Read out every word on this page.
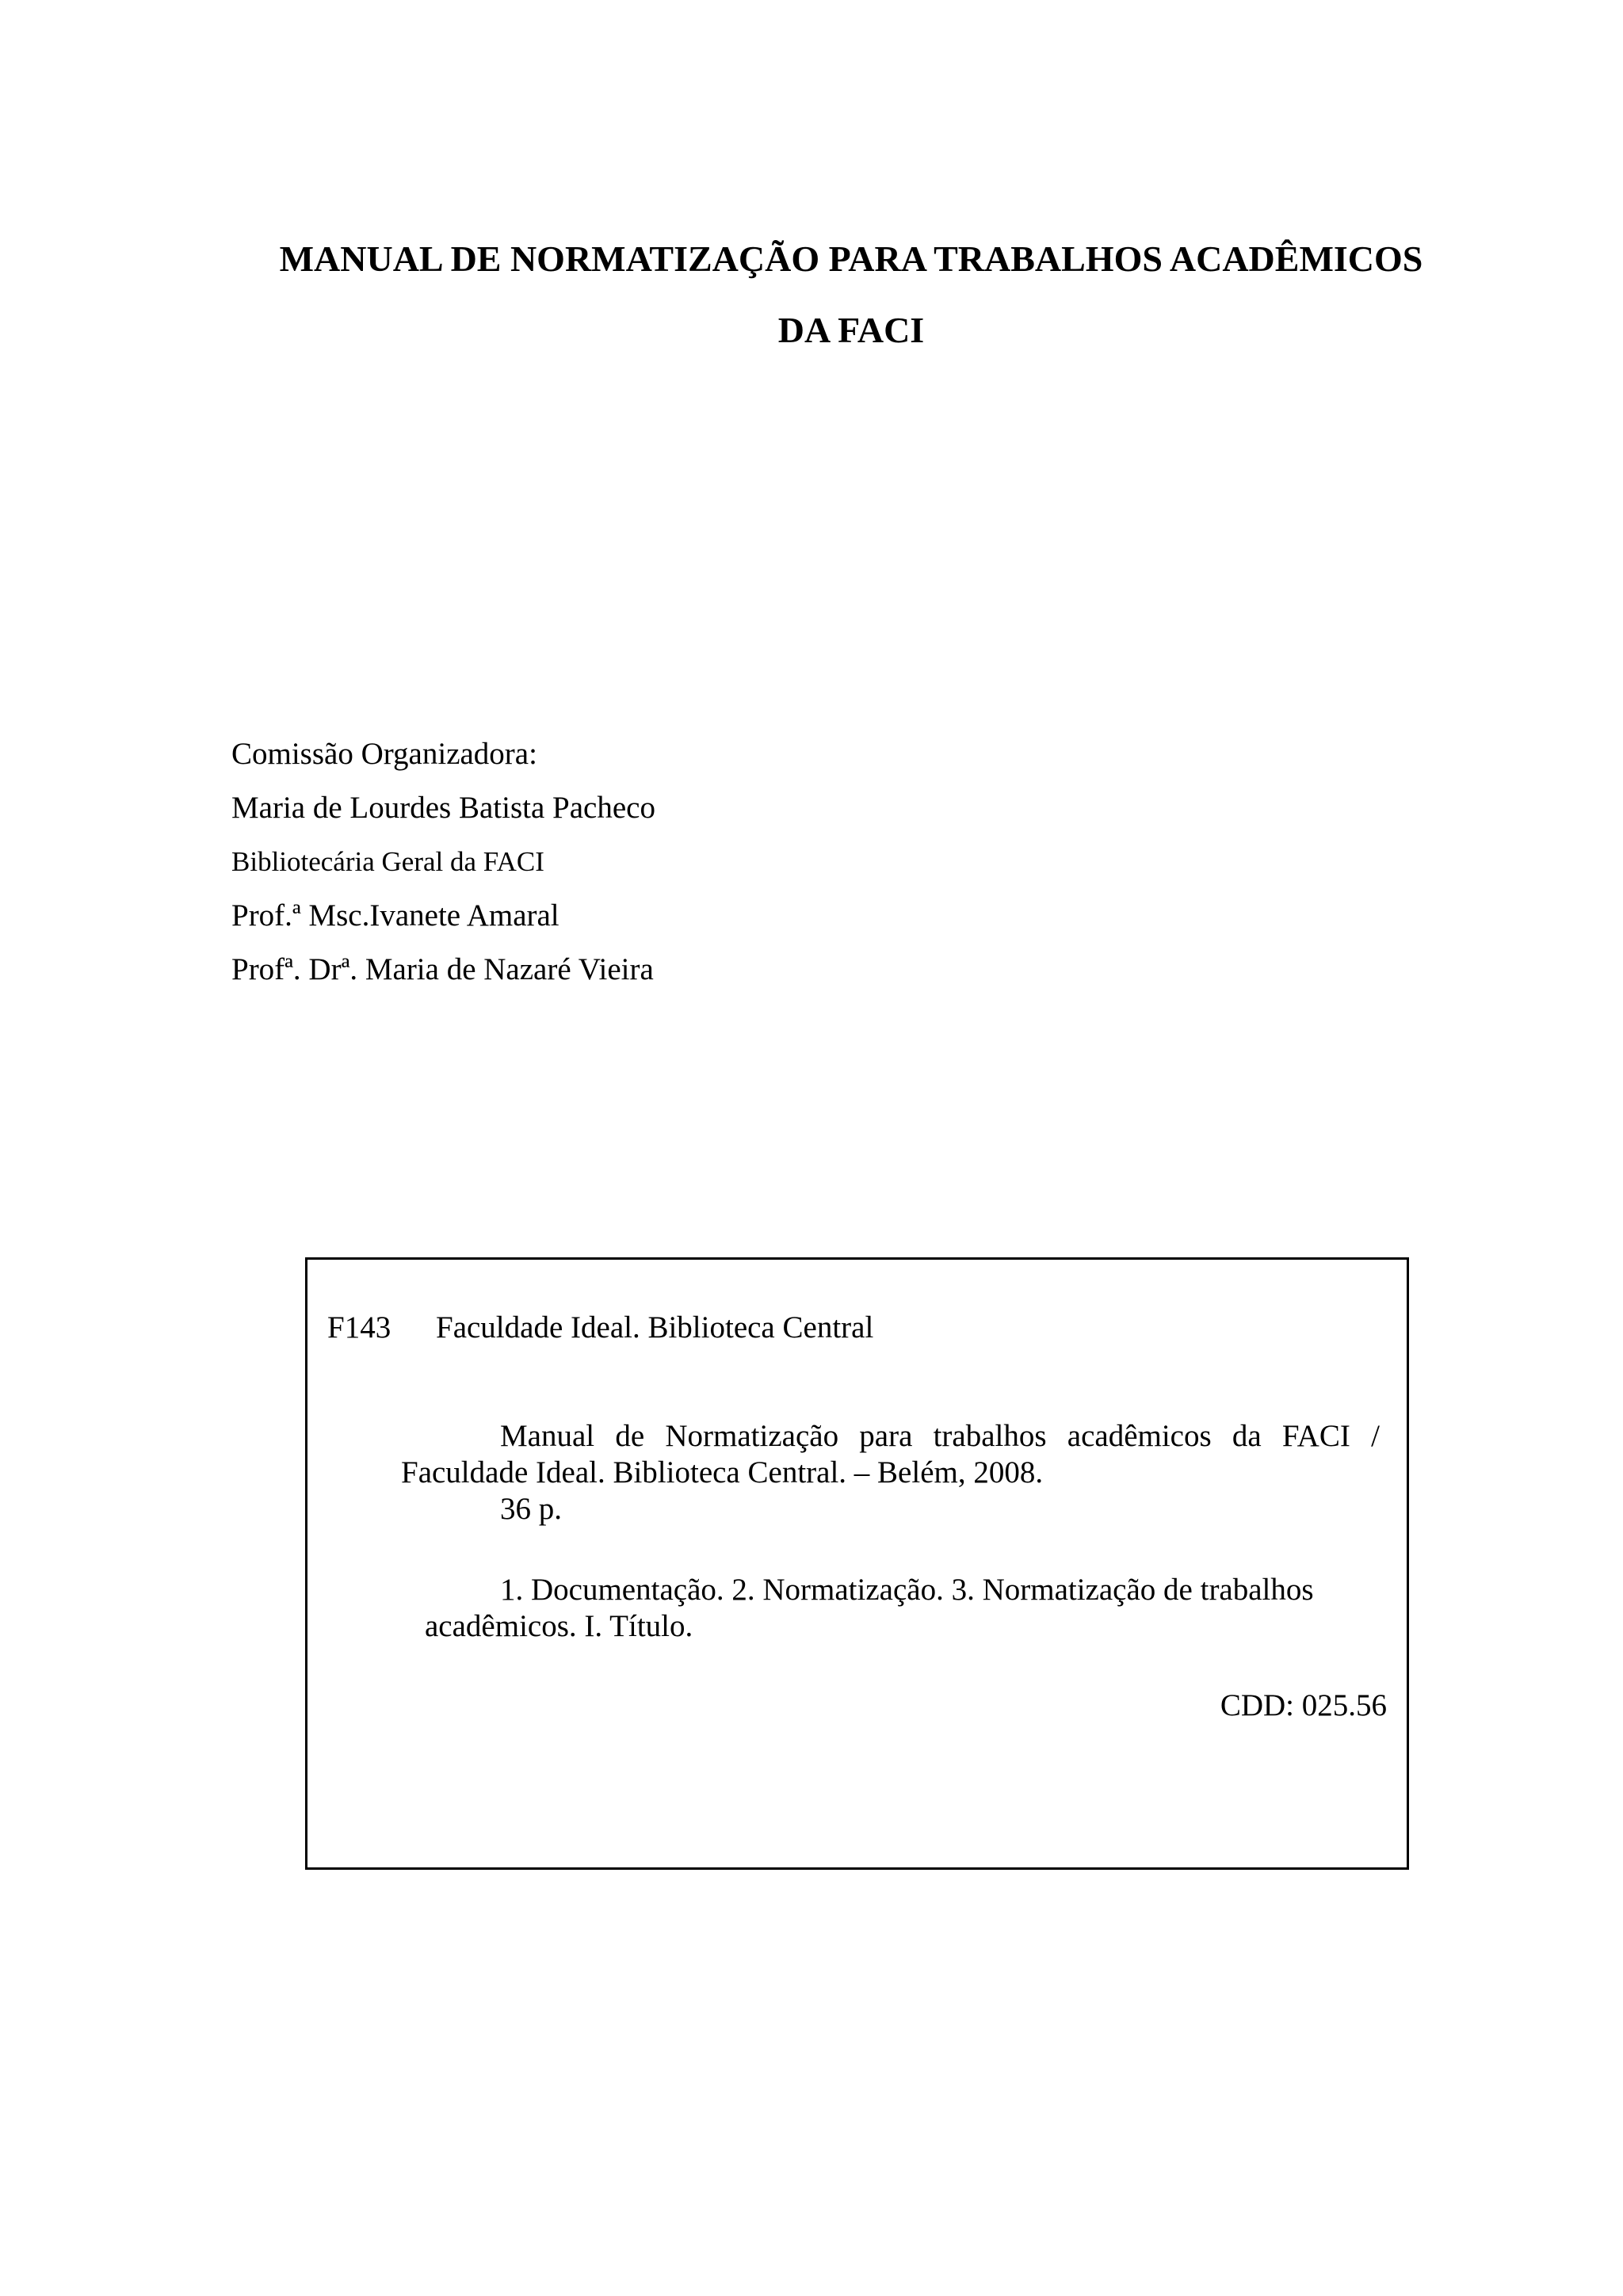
MANUAL DE NORMATIZAÇÃO PARA TRABALHOS ACADÊMICOS

DA FACI

Comissão Organizadora:

Maria de Lourdes Batista Pacheco

Bibliotecária Geral da FACI

Prof.ª Msc.Ivanete Amaral

Profª. Drª. Maria de Nazaré Vieira

F143 Faculdade Ideal. Biblioteca Central

Manual de Normatização para trabalhos acadêmicos da FACI /

Faculdade Ideal. Biblioteca Central. – Belém, 2008.

36 p.

1. Documentação. 2. Normatização. 3. Normatização de trabalhos

acadêmicos. I. Título.

CDD: 025.56
